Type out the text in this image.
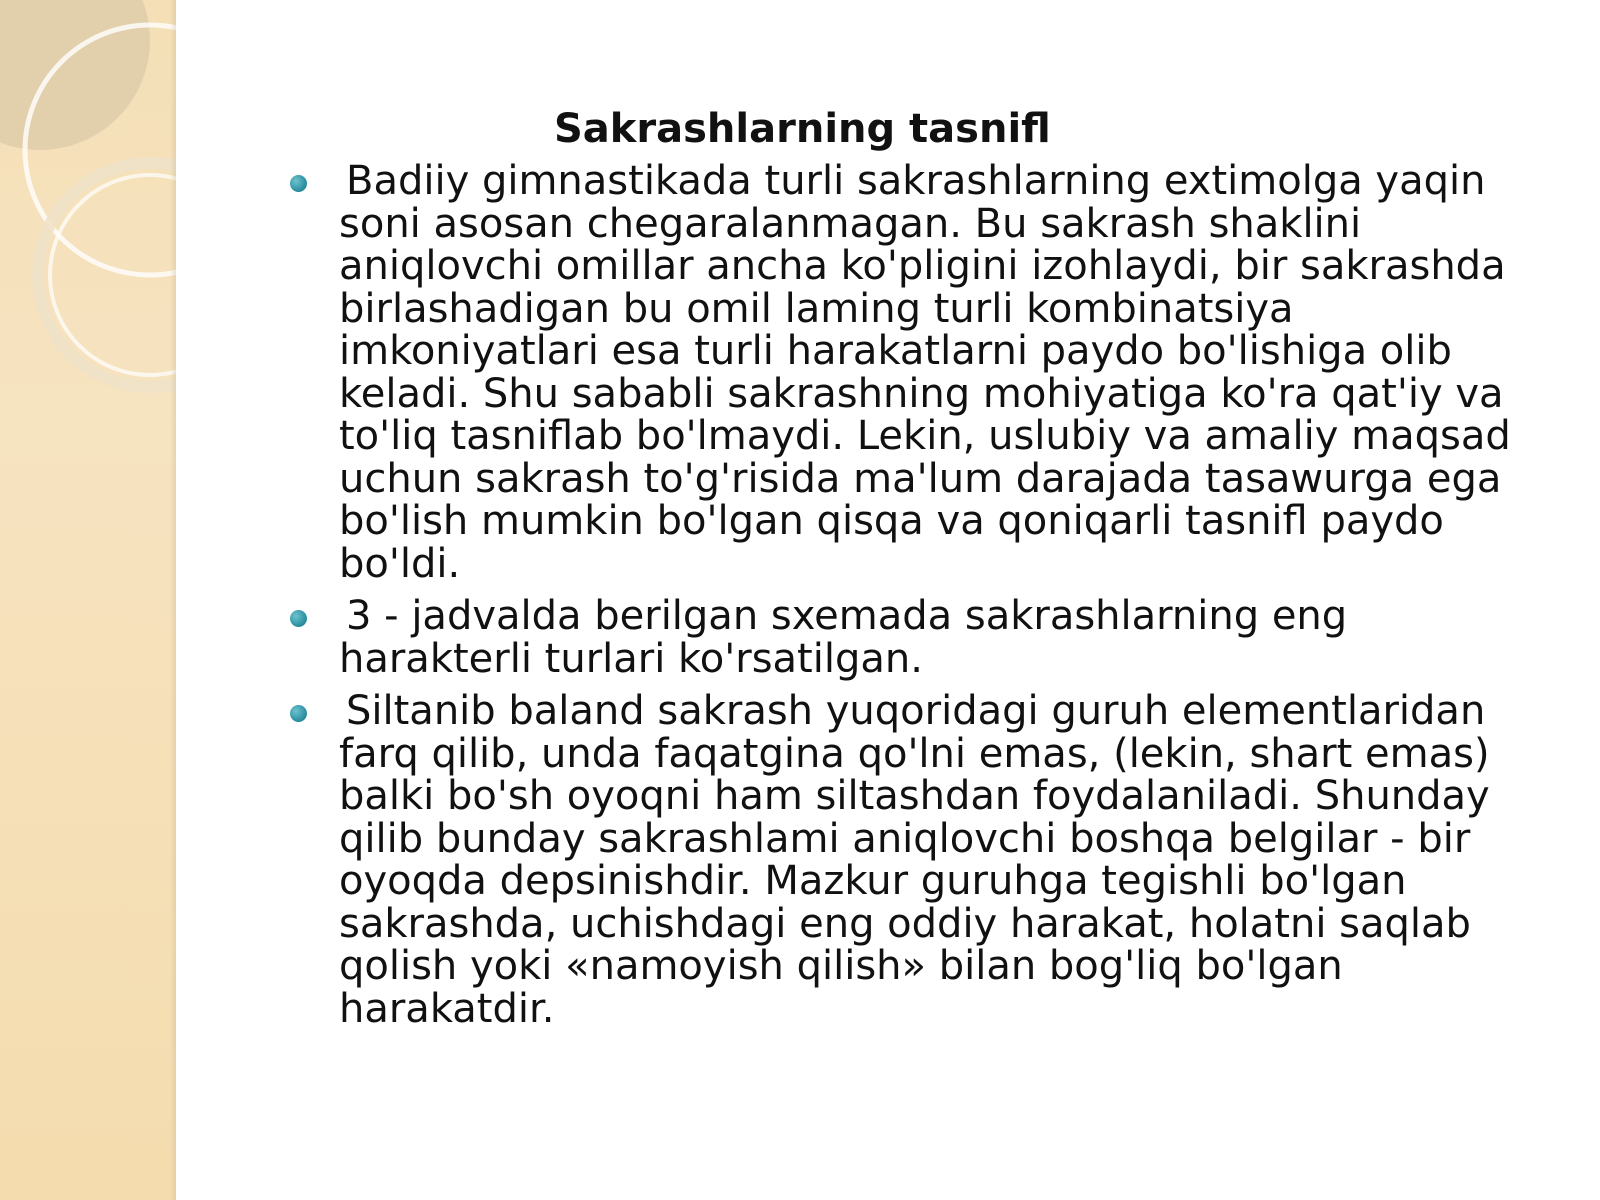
Sakrashlarning tasnifl
Badiiy gimnastikada turli sakrashlarning extimolga yaqin soni asosan chegaralanmagan. Bu sakrash shaklini aniqlovchi omillar ancha ko'pligini izohlaydi, bir sakrashda birlashadigan bu omil laming turli kombinatsiya imkoniyatlari esa turli harakatlarni paydo bo'lishiga olib keladi. Shu sababli sakrashning mohiyatiga ko'ra qat'iy va to'liq tasniflab bo'lmaydi. Lekin, uslubiy va amaliy maqsad uchun sakrash to'g'risida ma'lum darajada tasawurga ega bo'lish mumkin bo'lgan qisqa va qoniqarli tasnifl paydo bo'ldi.
3 - jadvalda berilgan sxemada sakrashlarning eng harakterli turlari ko'rsatilgan.
Siltanib baland sakrash yuqoridagi guruh elementlaridan farq qilib, unda faqatgina qo'lni emas, (lekin, shart emas) balki bo'sh oyoqni ham siltashdan foydalaniladi. Shunday qilib bunday sakrashlami aniqlovchi boshqa belgilar - bir oyoqda depsinishdir. Mazkur guruhga tegishli bo'lgan sakrashda, uchishdagi eng oddiy harakat, holatni saqlab qolish yoki «namoyish qilish» bilan bog'liq bo'lgan harakatdir.
